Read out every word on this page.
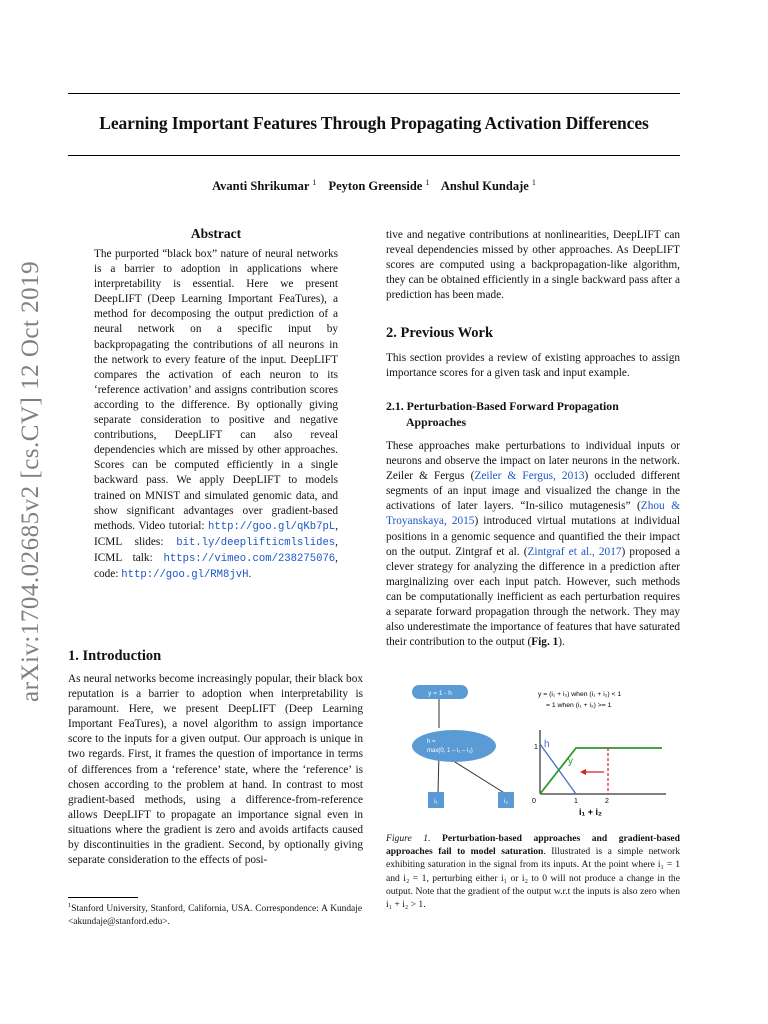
Learning Important Features Through Propagating Activation Differences
Avanti Shrikumar $^1$ Peyton Greenside $^1$ Anshul Kundaje $^1$
arXiv:1704.02685v2 [cs.CV] 12 Oct 2019
Abstract

The purported “black box” nature of neural networks is a barrier to adoption in applications where interpretability is essential. Here we present DeepLIFT (Deep Learning Important FeaTures), a method for decomposing the output prediction of a neural network on a specific input by backpropagating the contributions of all neurons in the network to every feature of the input. DeepLIFT compares the activation of each neuron to its ‘reference activation’ and assigns contribution scores according to the difference. By optionally giving separate consideration to positive and negative contributions, DeepLIFT can also reveal dependencies which are missed by other approaches. Scores can be computed efficiently in a single backward pass. We apply DeepLIFT to models trained on MNIST and simulated genomic data, and show significant advantages over gradient-based methods. Video tutorial: http://goo.gl/qKb7pL, ICML slides: bit.ly/deeplifticmlslides, ICML talk: https://vimeo.com/238275076, code: http://goo.gl/RM8jvH.

1. Introduction

As neural networks become increasingly popular, their black box reputation is a barrier to adoption when interpretability is paramount. Here, we present DeepLIFT (Deep Learning Important FeaTures), a novel algorithm to assign importance score to the inputs for a given output. Our approach is unique in two regards. First, it frames the question of importance in terms of differences from a ‘reference’ state, where the ‘reference’ is chosen according to the problem at hand. In contrast to most gradient-based methods, using a difference-from-reference allows DeepLIFT to propagate an importance signal even in situations where the gradient is zero and avoids artifacts caused by discontinuities in the gradient. Second, by optionally giving separate consideration to the effects of posi-

$^1$Stanford University, Stanford, California, USA. Correspondence: A Kundaje <akundaje@stanford.edu>.

tive and negative contributions at nonlinearities, DeepLIFT can reveal dependencies missed by other approaches. As DeepLIFT scores are computed using a backpropagation-like algorithm, they can be obtained efficiently in a single backward pass after a prediction has been made.

2. Previous Work

This section provides a review of existing approaches to assign importance scores for a given task and input example.

2.1. Perturbation-Based Forward Propagation
Approaches

These approaches make perturbations to individual inputs or neurons and observe the impact on later neurons in the network. Zeiler & Fergus (Zeiler & Fergus, 2013) occluded different segments of an input image and visualized the change in the activations of later layers. “In-silico mutagenesis” (Zhou & Troyanskaya, 2015) introduced virtual mutations at individual positions in a genomic sequence and quantified the their impact on the output. Zintgraf et al. (Zintgraf et al., 2017) proposed a clever strategy for analyzing the difference in a prediction after marginalizing over each input patch. However, such methods can be computationally inefficient as each perturbation requires a separate forward propagation through the network. They may also underestimate the importance of features that have saturated their contribution to the output (Fig. 1).

y = 1 - h
h =
max(0, 1 – i₁ – i₂)
i₁	i₂
y = (i₁ + i₂) when (i₁ + i₂) < 1
= 1 when (i₁ + i₂) >= 1
h
y
1
0	1	2
i₁ + i₂
Figure 1. Perturbation-based approaches and gradient-based approaches fail to model saturation. Illustrated is a simple network exhibiting saturation in the signal from its inputs. At the point where i₁ = 1 and i₂ = 1, perturbing either i₁ or i₂ to 0 will not produce a change in the output. Note that the gradient of the output w.r.t the inputs is also zero when i₁ + i₂ > 1.
